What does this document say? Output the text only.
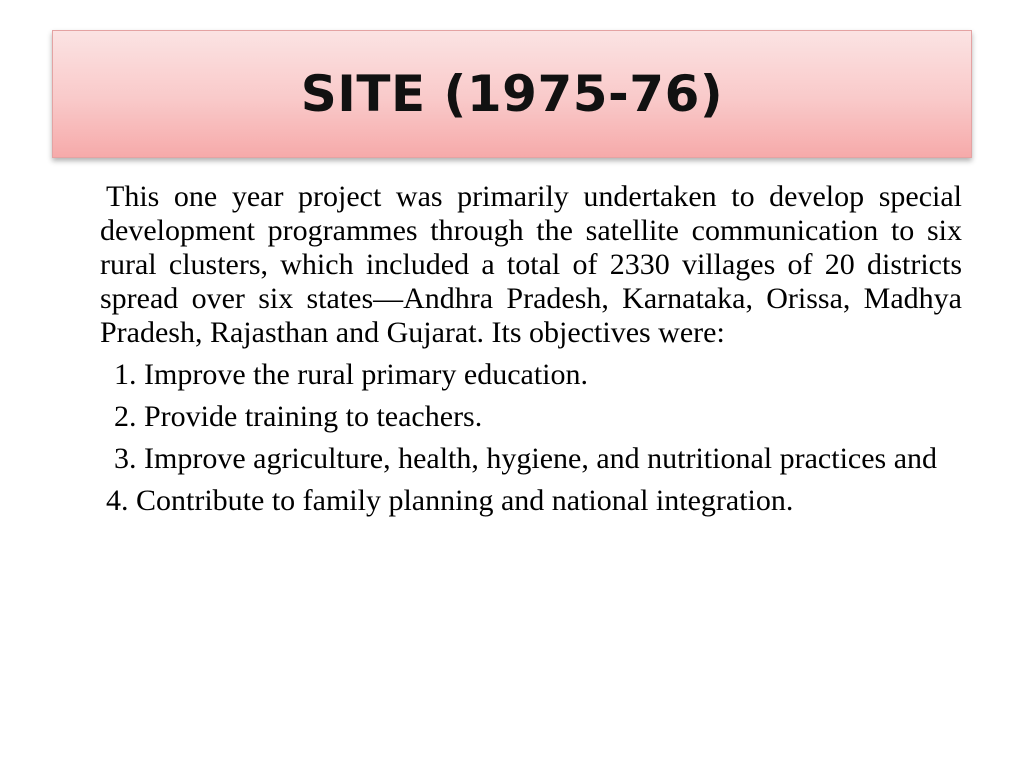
SITE (1975-76)

This one year project was primarily undertaken to develop special development programmes through the satellite communication to six rural clusters, which included a total of 2330 villages of 20 districts spread over six states—Andhra Pradesh, Karnataka, Orissa, Madhya Pradesh, Rajasthan and Gujarat. Its objectives were:

1. Improve the rural primary education.

2. Provide training to teachers.

3. Improve agriculture, health, hygiene, and nutritional practices and

4. Contribute to family planning and national integration.
